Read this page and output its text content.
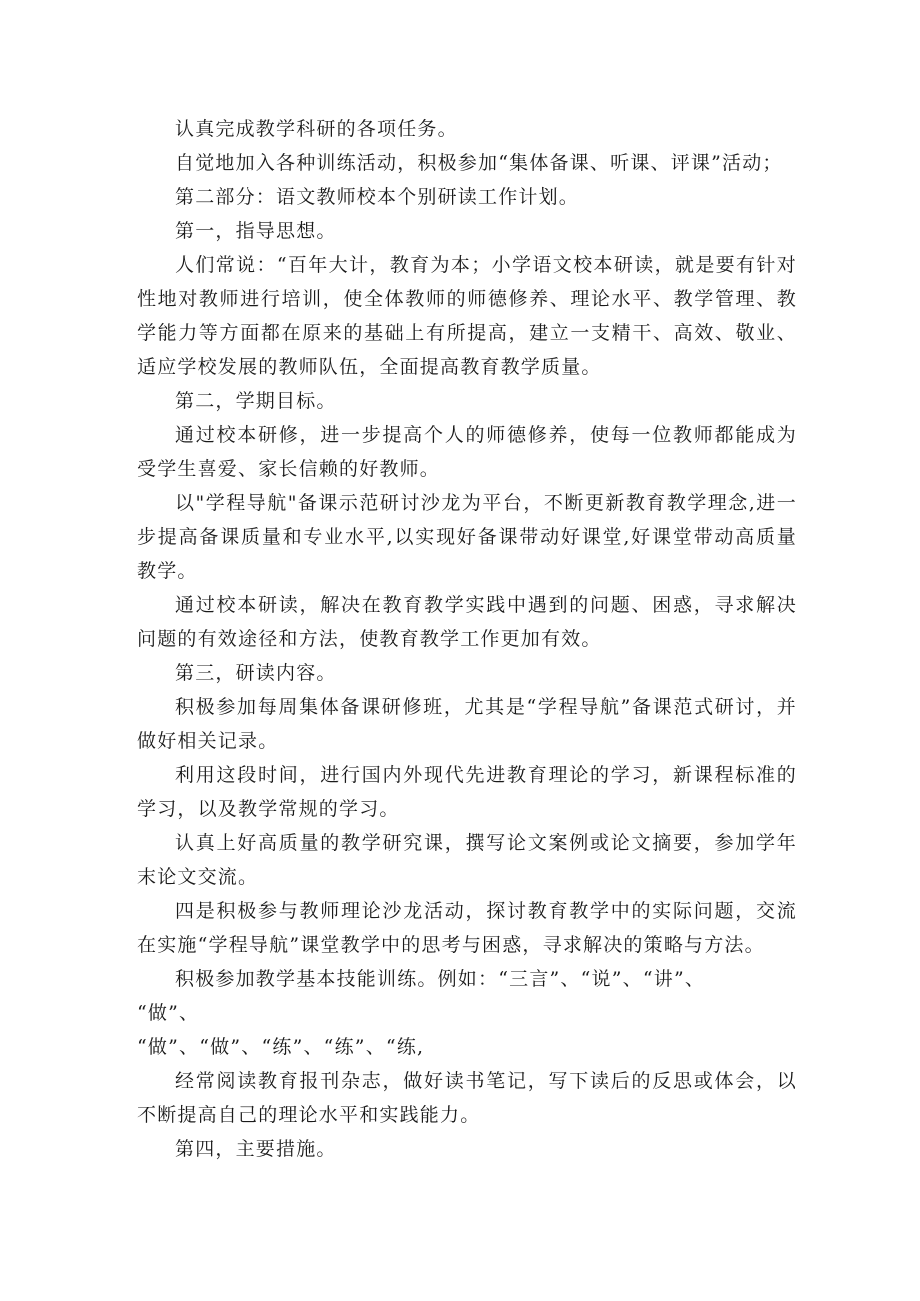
认真完成教学科研的各项任务。

自觉地加入各种训练活动，积极参加“集体备课、听课、评课”活动；

第二部分：语文教师校本个别研读工作计划。

第一，指导思想。

人们常说：“百年大计，教育为本；小学语文校本研读，就是要有针对性地对教师进行培训，使全体教师的师德修养、理论水平、教学管理、教学能力等方面都在原来的基础上有所提高，建立一支精干、高效、敬业、适应学校发展的教师队伍，全面提高教育教学质量。

第二，学期目标。

通过校本研修，进一步提高个人的师德修养，使每一位教师都能成为受学生喜爱、家长信赖的好教师。

以"学程导航"备课示范研讨沙龙为平台，不断更新教育教学理念,进一步提高备课质量和专业水平,以实现好备课带动好课堂,好课堂带动高质量教学。

通过校本研读，解决在教育教学实践中遇到的问题、困惑，寻求解决问题的有效途径和方法，使教育教学工作更加有效。

第三，研读内容。

积极参加每周集体备课研修班，尤其是“学程导航”备课范式研讨，并做好相关记录。

利用这段时间，进行国内外现代先进教育理论的学习，新课程标准的学习，以及教学常规的学习。

认真上好高质量的教学研究课，撰写论文案例或论文摘要，参加学年末论文交流。

四是积极参与教师理论沙龙活动，探讨教育教学中的实际问题，交流在实施“学程导航”课堂教学中的思考与困惑，寻求解决的策略与方法。

积极参加教学基本技能训练。例如：“三言”、“说”、“讲”、

“做”、

“做”、“做”、“练”、“练”、“练,

经常阅读教育报刊杂志，做好读书笔记，写下读后的反思或体会，以不断提高自己的理论水平和实践能力。

第四，主要措施。
